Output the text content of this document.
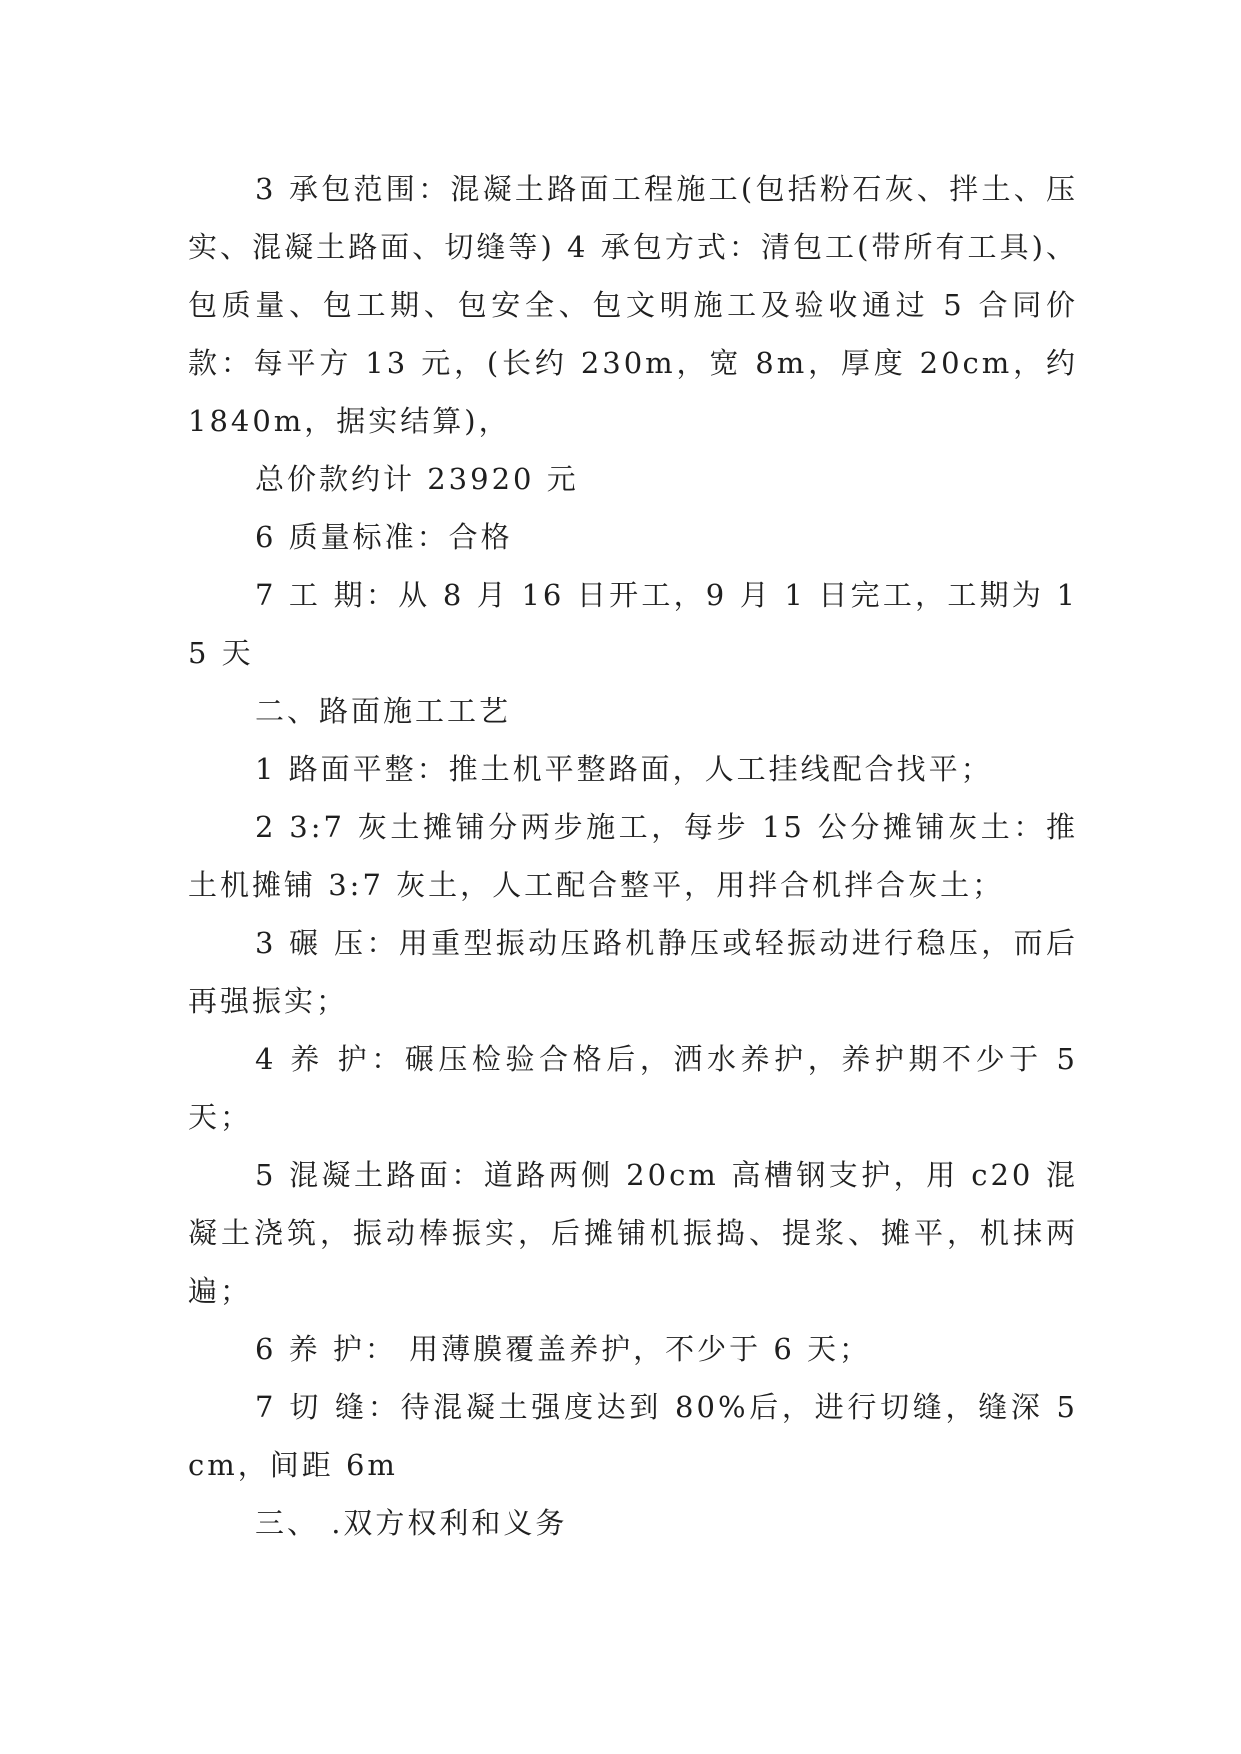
3 承包范围：混凝土路面工程施工(包括粉石灰、拌土、压实、混凝土路面、切缝等) 4 承包方式：清包工(带所有工具)、包质量、包工期、包安全、包文明施工及验收通过 5 合同价款：每平方 13 元，(长约 230m，宽 8m，厚度 20cm，约 1840m，据实结算)，

总价款约计 23920 元

6 质量标准：合格

7 工 期：从 8 月 16 日开工，9 月 1 日完工，工期为 15 天

二、路面施工工艺

1 路面平整：推土机平整路面，人工挂线配合找平；

2 3:7 灰土摊铺分两步施工，每步 15 公分摊铺灰土：推土机摊铺 3:7 灰土，人工配合整平，用拌合机拌合灰土；

3 碾 压：用重型振动压路机静压或轻振动进行稳压，而后再强振实；

4 养 护：碾压检验合格后，洒水养护，养护期不少于 5 天；

5 混凝土路面：道路两侧 20cm 高槽钢支护，用 c20 混凝土浇筑，振动棒振实，后摊铺机振捣、提浆、摊平，机抹两遍；

6 养 护： 用薄膜覆盖养护，不少于 6 天；

7 切 缝：待混凝土强度达到 80%后，进行切缝，缝深 5cm，间距 6m

三、 .双方权利和义务
